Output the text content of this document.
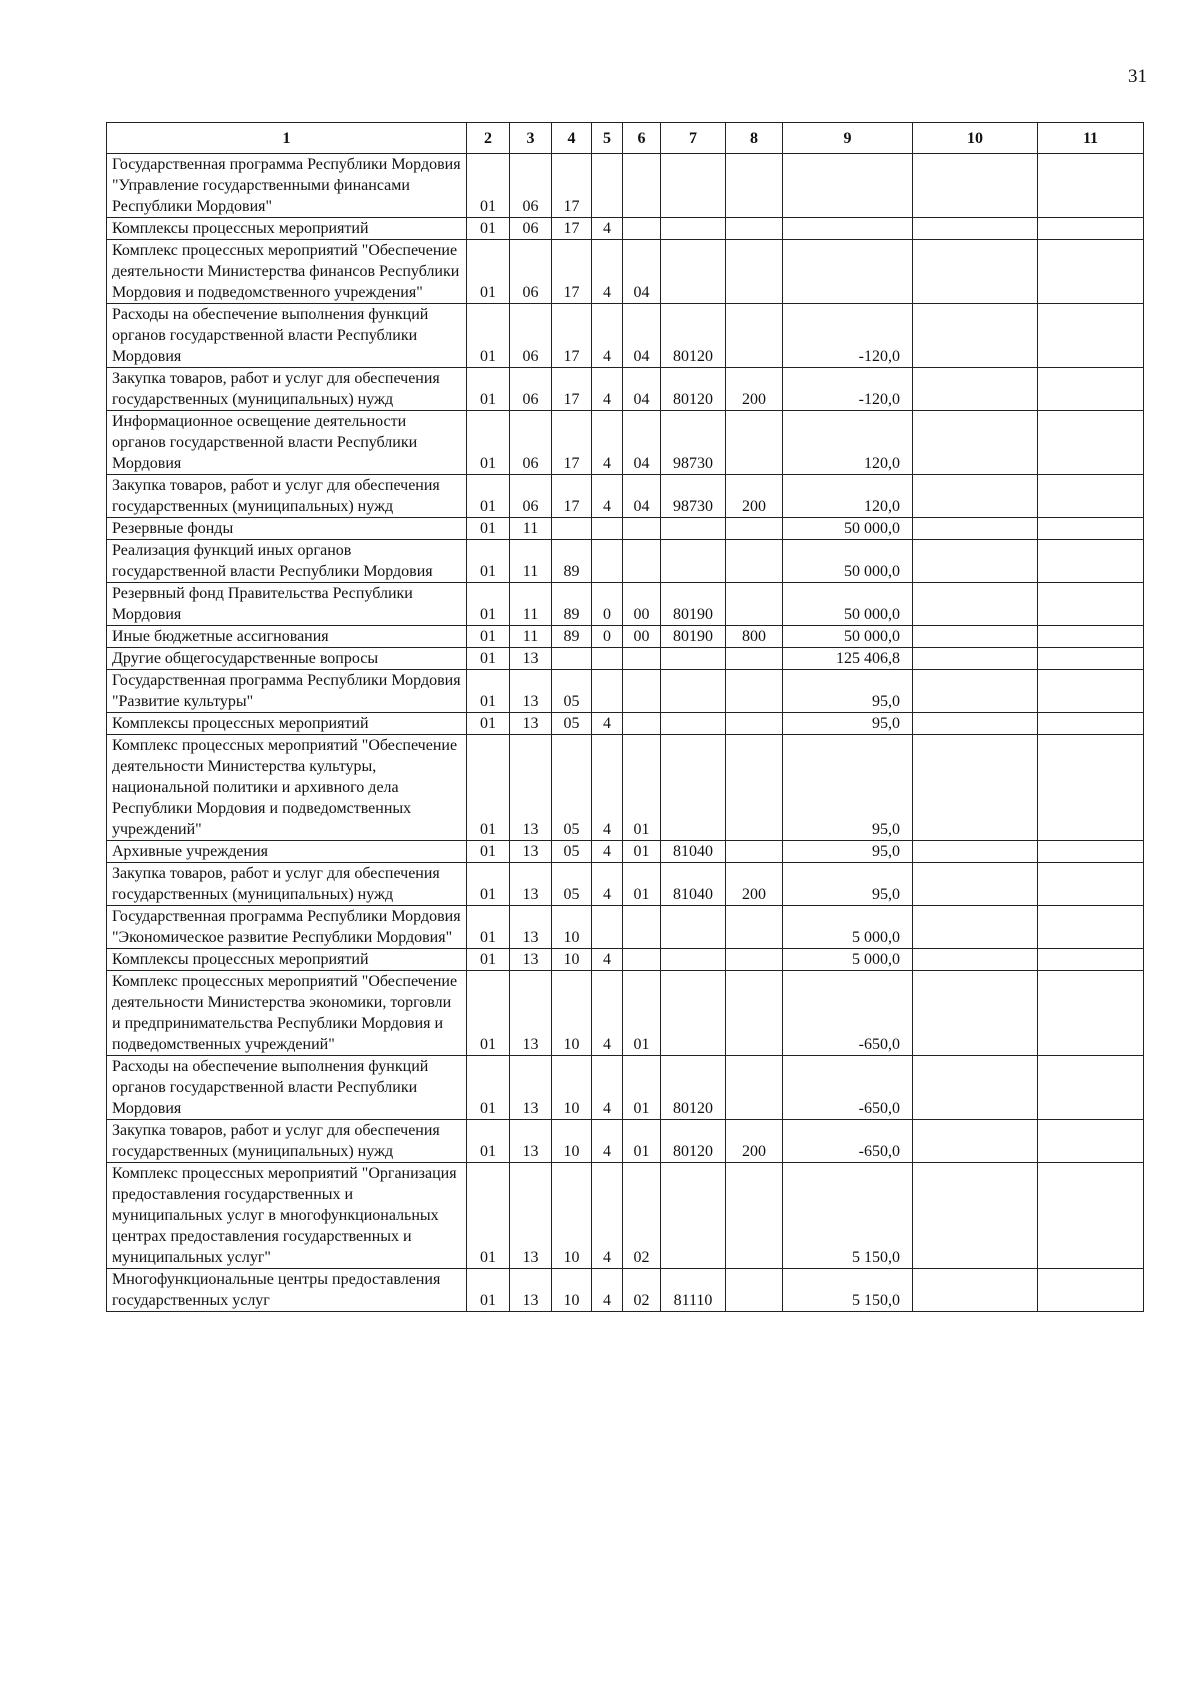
31
1	2	3	4	5	6	7	8	9	10	11
Государственная программа Республики Мордовия "Управление государственными финансами Республики Мордовия"	01	06	17							
Комплексы процессных мероприятий	01	06	17	4						
Комплекс процессных мероприятий "Обеспечение деятельности Министерства финансов Республики Мордовия и подведомственного учреждения"	01	06	17	4	04					
Расходы на обеспечение выполнения функций органов государственной власти Республики Мордовия	01	06	17	4	04	80120		-120,0		
Закупка товаров, работ и услуг для обеспечения государственных (муниципальных) нужд	01	06	17	4	04	80120	200	-120,0		
Информационное освещение деятельности органов государственной власти Республики Мордовия	01	06	17	4	04	98730		120,0		
Закупка товаров, работ и услуг для обеспечения государственных (муниципальных) нужд	01	06	17	4	04	98730	200	120,0		
Резервные фонды	01	11						50 000,0		
Реализация функций иных органов государственной власти Республики Мордовия	01	11	89					50 000,0		
Резервный фонд Правительства Республики Мордовия	01	11	89	0	00	80190		50 000,0		
Иные бюджетные ассигнования	01	11	89	0	00	80190	800	50 000,0		
Другие общегосударственные вопросы	01	13						125 406,8		
Государственная программа Республики Мордовия "Развитие культуры"	01	13	05					95,0		
Комплексы процессных мероприятий	01	13	05	4				95,0		
Комплекс процессных мероприятий "Обеспечение деятельности Министерства культуры, национальной политики и архивного дела Республики Мордовия и подведомственных учреждений"	01	13	05	4	01			95,0		
Архивные учреждения	01	13	05	4	01	81040		95,0		
Закупка товаров, работ и услуг для обеспечения государственных (муниципальных) нужд	01	13	05	4	01	81040	200	95,0		
Государственная программа Республики Мордовия "Экономическое развитие Республики Мордовия"	01	13	10					5 000,0		
Комплексы процессных мероприятий	01	13	10	4				5 000,0		
Комплекс процессных мероприятий "Обеспечение деятельности Министерства экономики, торговли и предпринимательства Республики Мордовия и подведомственных учреждений"	01	13	10	4	01			-650,0		
Расходы на обеспечение выполнения функций органов государственной власти Республики Мордовия	01	13	10	4	01	80120		-650,0		
Закупка товаров, работ и услуг для обеспечения государственных (муниципальных) нужд	01	13	10	4	01	80120	200	-650,0		
Комплекс процессных мероприятий "Организация предоставления государственных и муниципальных услуг в многофункциональных центрах предоставления государственных и муниципальных услуг"	01	13	10	4	02			5 150,0		
Многофункциональные центры предоставления государственных услуг	01	13	10	4	02	81110		5 150,0		
